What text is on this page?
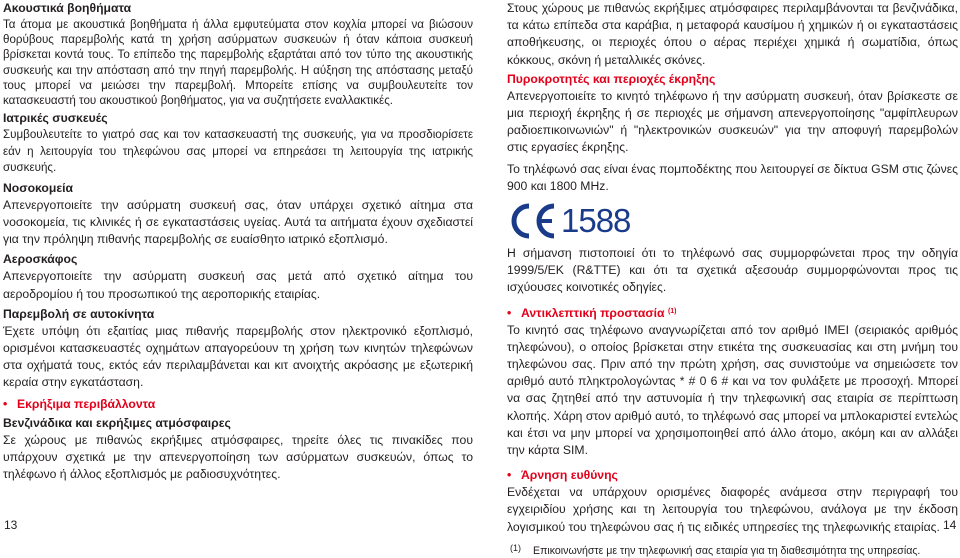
Ακουστικά βοηθήματα

Τα άτομα με ακουστικά βοηθήματα ή άλλα εμφυτεύματα στον κοχλία μπορεί να βιώσουν θορύβους παρεμβολής κατά τη χρήση ασύρματων συσκευών ή όταν κάποια συσκευή βρίσκεται κοντά τους. Το επίπεδο της παρεμβολής εξαρτάται από τον τύπο της ακουστικής συσκευής και την απόσταση από την πηγή παρεμβολής. Η αύξηση της απόστασης μεταξύ τους μπορεί να μειώσει την παρεμβολή. Μπορείτε επίσης να συμβουλευτείτε τον κατασκευαστή του ακουστικού βοηθήματος, για να συζητήσετε εναλλακτικές.

Ιατρικές συσκευές

Συμβουλευτείτε το γιατρό σας και τον κατασκευαστή της συσκευής, για να προσδιορίσετε εάν η λειτουργία του τηλεφώνου σας μπορεί να επηρεάσει τη λειτουργία της ιατρικής συσκευής.

Νοσοκομεία

Απενεργοποιείτε την ασύρματη συσκευή σας, όταν υπάρχει σχετικό αίτημα στα νοσοκομεία, τις κλινικές ή σε εγκαταστάσεις υγείας. Αυτά τα αιτήματα έχουν σχεδιαστεί για την πρόληψη πιθανής παρεμβολής σε ευαίσθητο ιατρικό εξοπλισμό.

Αεροσκάφος

Απενεργοποιείτε την ασύρματη συσκευή σας μετά από σχετικό αίτημα του αεροδρομίου ή του προσωπικού της αεροπορικής εταιρίας.

Παρεμβολή σε αυτοκίνητα

Έχετε υπόψη ότι εξαιτίας μιας πιθανής παρεμβολής στον ηλεκτρονικό εξοπλισμό, ορισμένοι κατασκευαστές οχημάτων απαγορεύουν τη χρήση των κινητών τηλεφώνων στα οχήματά τους, εκτός εάν περιλαμβάνεται και κιτ ανοιχτής ακρόασης με εξωτερική κεραία στην εγκατάσταση.

• Εκρήξιμα περιβάλλοντα
Βενζινάδικα και εκρήξιμες ατμόσφαιρες

Σε χώρους με πιθανώς εκρήξιμες ατμόσφαιρες, τηρείτε όλες τις πινακίδες που υπάρχουν σχετικά με την απενεργοποίηση των ασύρματων συσκευών, όπως το τηλέφωνο ή άλλος εξοπλισμός με ραδιοσυχνότητες.

Στους χώρους με πιθανώς εκρήξιμες ατμόσφαιρες περιλαμβάνονται τα βενζινάδικα, τα κάτω επίπεδα στα καράβια, η μεταφορά καυσίμου ή χημικών ή οι εγκαταστάσεις αποθήκευσης, οι περιοχές όπου ο αέρας περιέχει χημικά ή σωματίδια, όπως κόκκους, σκόνη ή μεταλλικές σκόνες.

Πυροκροτητές και περιοχές έκρηξης

Απενεργοποιείτε το κινητό τηλέφωνο ή την ασύρματη συσκευή, όταν βρίσκεστε σε μια περιοχή έκρηξης ή σε περιοχές με σήμανση απενεργοποίησης "αμφίπλευρων ραδιοεπικοινωνιών" ή "ηλεκτρονικών συσκευών" για την αποφυγή παρεμβολών στις εργασίες έκρηξης.

Το τηλέφωνό σας είναι ένας πομποδέκτης που λειτουργεί σε δίκτυα GSM στις ζώνες 900 και 1800 MHz.

1588

Η σήμανση πιστοποιεί ότι το τηλέφωνό σας συμμορφώνεται προς την οδηγία 1999/5/EK (R&TTE) και ότι τα σχετικά αξεσουάρ συμμορφώνονται προς τις ισχύουσες κοινοτικές οδηγίες.

• Αντικλεπτική προστασία $^{(1)}$

Το κινητό σας τηλέφωνο αναγνωρίζεται από τον αριθμό IMEI (σειριακός αριθμός τηλεφώνου), ο οποίος βρίσκεται στην ετικέτα της συσκευασίας και στη μνήμη του τηλεφώνου σας. Πριν από την πρώτη χρήση, σας συνιστούμε να σημειώσετε τον αριθμό αυτό πληκτρολογώντας * # 0 6 # και να τον φυλάξετε με προσοχή. Μπορεί να σας ζητηθεί από την αστυνομία ή την τηλεφωνική σας εταιρία σε περίπτωση κλοπής. Χάρη στον αριθμό αυτό, το τηλέφωνό σας μπορεί να μπλοκαριστεί εντελώς και έτσι να μην μπορεί να χρησιμοποιηθεί από άλλο άτομο, ακόμη και αν αλλάξει την κάρτα SIM.

• Άρνηση ευθύνης

Ενδέχεται να υπάρχουν ορισμένες διαφορές ανάμεσα στην περιγραφή του εγχειριδίου χρήσης και τη λειτουργία του τηλεφώνου, ανάλογα με την έκδοση λογισμικού του τηλεφώνου σας ή τις ειδικές υπηρεσίες της τηλεφωνικής εταιρίας.

(1) Επικοινωνήστε με την τηλεφωνική σας εταιρία για τη διαθεσιμότητα της υπηρεσίας.
13	14
